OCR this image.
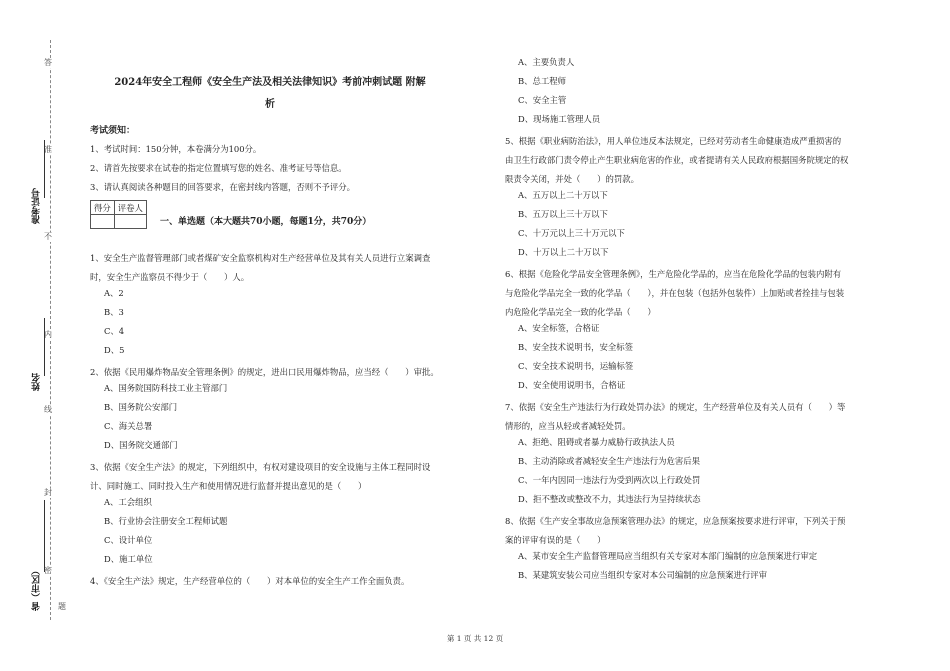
答
准
不
内
线
封
密
准考证号
姓名
省（市区） 题
2024年安全工程师《安全生产法及相关法律知识》考前冲刺试题 附解
析
考试须知：
1、考试时间：150分钟，本卷满分为100分。
2、请首先按要求在试卷的指定位置填写您的姓名、准考证号等信息。
3、请认真阅读各种题目的回答要求，在密封线内答题，否则不予评分。
得分	评卷人

一、单选题（本大题共70小题，每题1分，共70分）
1、安全生产监督管理部门或者煤矿安全监察机构对生产经营单位及其有关人员进行立案调查
时，安全生产监察员不得少于（　　）人。
A、2
B、3
C、4
D、5
2、依据《民用爆炸物品安全管理条例》的规定，进出口民用爆炸物品，应当经（　　）审批。
A、国务院国防科技工业主管部门
B、国务院公安部门
C、海关总署
D、国务院交通部门
3、依据《安全生产法》的规定，下列组织中，有权对建设项目的安全设施与主体工程同时设
计、同时施工、同时投入生产和使用情况进行监督并提出意见的是（　　）
A、工会组织
B、行业协会注册安全工程师试题
C、设计单位
D、施工单位
4、《安全生产法》规定，生产经营单位的（　　）对本单位的安全生产工作全面负责。
A、主要负责人
B、总工程师
C、安全主管
D、现场施工管理人员
5、根据《职业病防治法》，用人单位违反本法规定，已经对劳动者生命健康造成严重损害的
由卫生行政部门责令停止产生职业病危害的作业，或者提请有关人民政府根据国务院规定的权
限责令关闭，并处（　　）的罚款。
A、五万以上二十万以下
B、五万以上三十万以下
C、十万元以上三十万元以下
D、十万以上二十万以下
6、根据《危险化学品安全管理条例》，生产危险化学品的，应当在危险化学品的包装内附有
与危险化学品完全一致的化学品（　　），并在包装（包括外包装件）上加贴或者拴挂与包装
内危险化学品完全一致的化学品（　　）
A、安全标签，合格证
B、安全技术说明书，安全标签
C、安全技术说明书，运输标签
D、安全使用说明书，合格证
7、依据《安全生产违法行为行政处罚办法》的规定，生产经营单位及有关人员有（　　）等
情形的，应当从轻或者减轻处罚。
A、拒绝、阻碍或者暴力威胁行政执法人员
B、主动消除或者减轻安全生产违法行为危害后果
C、一年内因同一违法行为受到两次以上行政处罚
D、拒不整改或整改不力，其违法行为呈持续状态
8、依据《生产安全事故应急预案管理办法》的规定，应急预案按要求进行评审，下列关于预
案的评审有误的是（　　）
A、某市安全生产监督管理局应当组织有关专家对本部门编制的应急预案进行审定
B、某建筑安装公司应当组织专家对本公司编制的应急预案进行评审
第 1 页 共 12 页
